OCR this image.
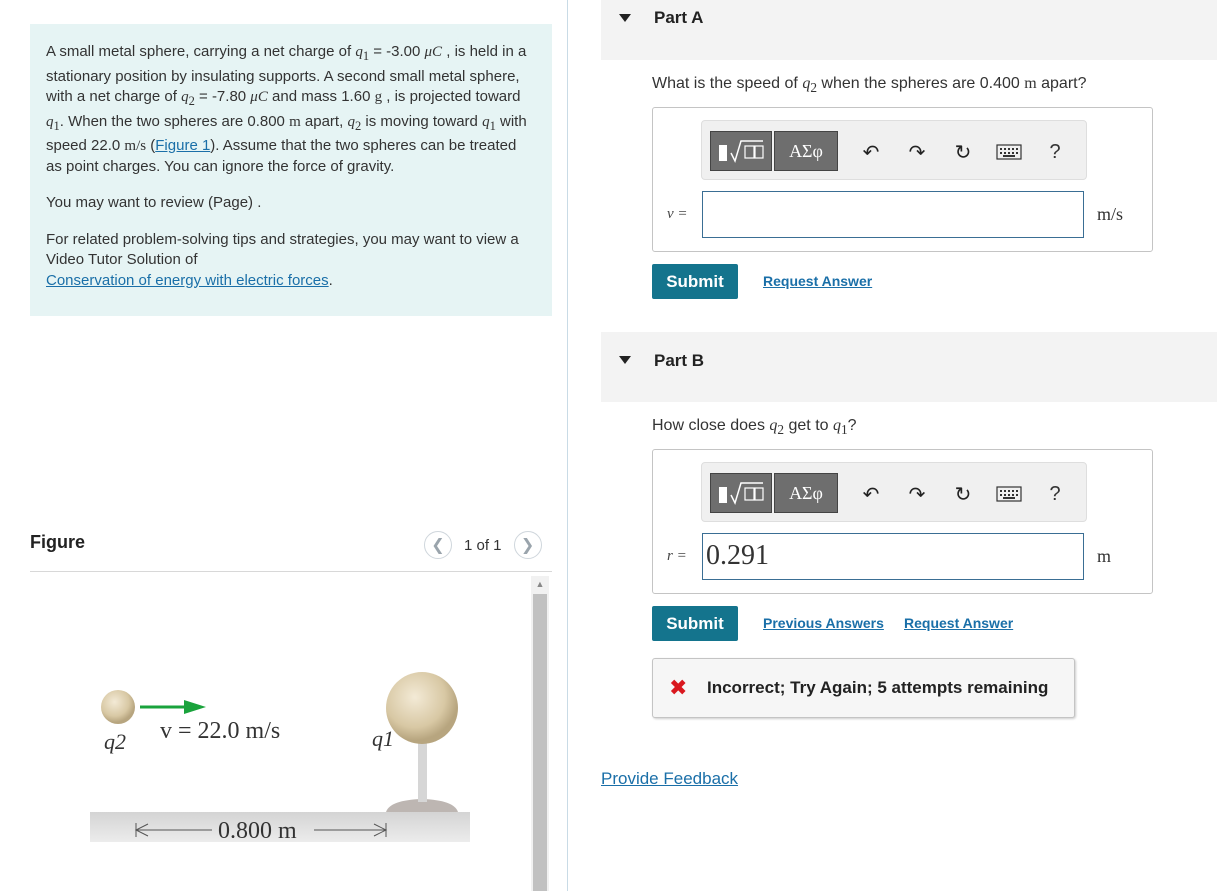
A small metal sphere, carrying a net charge of $q_1 = -3.00$ μC , is held in a stationary position by insulating supports. A second small metal sphere, with a net charge of $q_2 = -7.80$ μC and mass 1.60 g , is projected toward $q_1$. When the two spheres are 0.800 m apart, $q_2$ is moving toward $q_1$ with speed 22.0 m/s (Figure 1). Assume that the two spheres can be treated as point charges. You can ignore the force of gravity.

You may want to review (Page) .

For related problem-solving tips and strategies, you may want to view a Video Tutor Solution of
Conservation of energy with electric forces.

Figure	❮	1 of 1	❯
▲
q2	q1
v = 22.0 m/s
0.800 m
Part A
What is the speed of $q_2$ when the spheres are 0.400 m apart?
ΑΣφ	↶ ↷ ↻	?
v =	m/s
Submit	Request Answer
Part B
How close does $q_2$ get to $q_1$?
ΑΣφ	↶ ↷ ↻	?
r = 0.291	m
Submit	Previous Answers Request Answer
✖ Incorrect; Try Again; 5 attempts remaining
Provide Feedback
